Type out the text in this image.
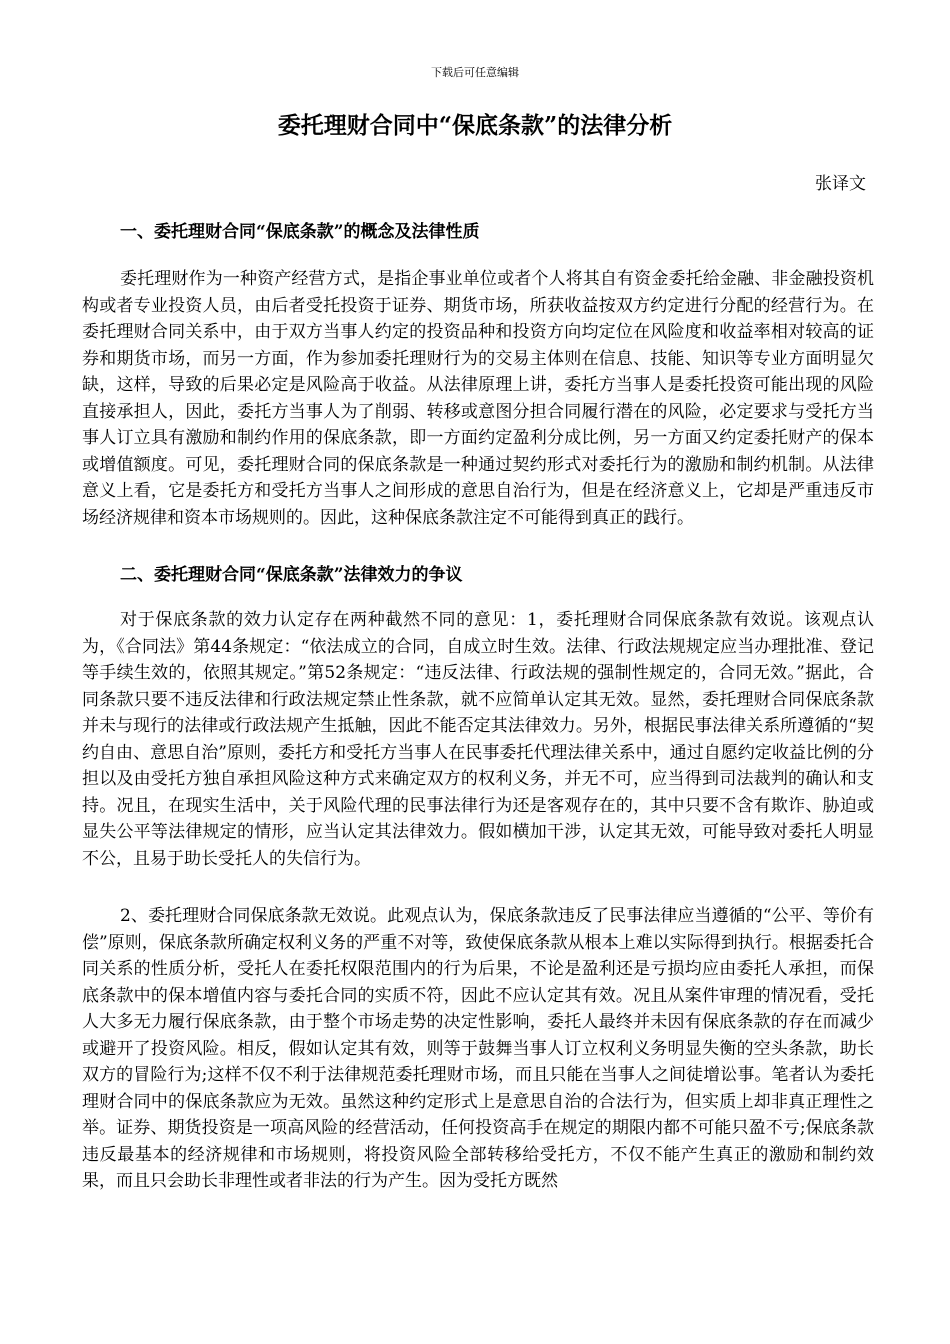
下载后可任意编辑
委托理财合同中“保底条款”的法律分析
张译文
一、委托理财合同“保底条款”的概念及法律性质

委托理财作为一种资产经营方式，是指企事业单位或者个人将其自有资金委托给金融、非金融投资机构或者专业投资人员，由后者受托投资于证券、期货市场，所获收益按双方约定进行分配的经营行为。在委托理财合同关系中，由于双方当事人约定的投资品种和投资方向均定位在风险度和收益率相对较高的证券和期货市场，而另一方面，作为参加委托理财行为的交易主体则在信息、技能、知识等专业方面明显欠缺，这样，导致的后果必定是风险高于收益。从法律原理上讲，委托方当事人是委托投资可能出现的风险直接承担人，因此，委托方当事人为了削弱、转移或意图分担合同履行潜在的风险，必定要求与受托方当事人订立具有激励和制约作用的保底条款，即一方面约定盈利分成比例，另一方面又约定委托财产的保本或增值额度。可见，委托理财合同的保底条款是一种通过契约形式对委托行为的激励和制约机制。从法律意义上看，它是委托方和受托方当事人之间形成的意思自治行为，但是在经济意义上，它却是严重违反市场经济规律和资本市场规则的。因此，这种保底条款注定不可能得到真正的践行。

二、委托理财合同“保底条款”法律效力的争议

对于保底条款的效力认定存在两种截然不同的意见：1，委托理财合同保底条款有效说。该观点认为，《合同法》第44条规定：“依法成立的合同，自成立时生效。法律、行政法规规定应当办理批准、登记等手续生效的，依照其规定。”第52条规定：“违反法律、行政法规的强制性规定的，合同无效。”据此，合同条款只要不违反法律和行政法规定禁止性条款，就不应简单认定其无效。显然，委托理财合同保底条款并未与现行的法律或行政法规产生抵触，因此不能否定其法律效力。另外，根据民事法律关系所遵循的“契约自由、意思自治”原则，委托方和受托方当事人在民事委托代理法律关系中，通过自愿约定收益比例的分担以及由受托方独自承担风险这种方式来确定双方的权利义务，并无不可，应当得到司法裁判的确认和支持。况且，在现实生活中，关于风险代理的民事法律行为还是客观存在的，其中只要不含有欺诈、胁迫或显失公平等法律规定的情形，应当认定其法律效力。假如横加干涉，认定其无效，可能导致对委托人明显不公，且易于助长受托人的失信行为。

2、委托理财合同保底条款无效说。此观点认为，保底条款违反了民事法律应当遵循的“公平、等价有偿”原则，保底条款所确定权利义务的严重不对等，致使保底条款从根本上难以实际得到执行。根据委托合同关系的性质分析，受托人在委托权限范围内的行为后果，不论是盈利还是亏损均应由委托人承担，而保底条款中的保本增值内容与委托合同的实质不符，因此不应认定其有效。况且从案件审理的情况看，受托人大多无力履行保底条款，由于整个市场走势的决定性影响，委托人最终并未因有保底条款的存在而减少或避开了投资风险。相反，假如认定其有效，则等于鼓舞当事人订立权利义务明显失衡的空头条款，助长双方的冒险行为;这样不仅不利于法律规范委托理财市场，而且只能在当事人之间徒增讼事。笔者认为委托理财合同中的保底条款应为无效。虽然这种约定形式上是意思自治的合法行为，但实质上却非真正理性之举。证券、期货投资是一项高风险的经营活动，任何投资高手在规定的期限内都不可能只盈不亏;保底条款违反最基本的经济规律和市场规则，将投资风险全部转移给受托方，不仅不能产生真正的激励和制约效果，而且只会助长非理性或者非法的行为产生。因为受托方既然
